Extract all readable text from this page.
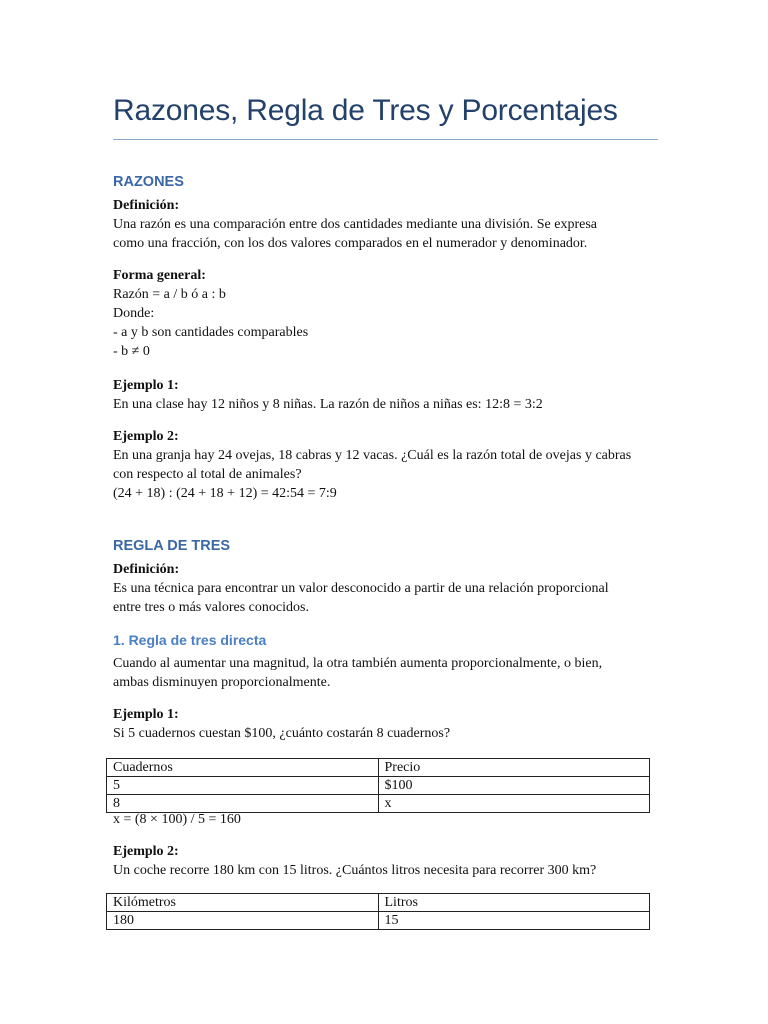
Razones, Regla de Tres y Porcentajes
RAZONES
Definición:
Una razón es una comparación entre dos cantidades mediante una división. Se expresa
como una fracción, con los dos valores comparados en el numerador y denominador.
Forma general:
Razón = a / b ó a : b
Donde:
- a y b son cantidades comparables
- b ≠ 0
Ejemplo 1:
En una clase hay 12 niños y 8 niñas. La razón de niños a niñas es: 12:8 = 3:2
Ejemplo 2:
En una granja hay 24 ovejas, 18 cabras y 12 vacas. ¿Cuál es la razón total de ovejas y cabras
con respecto al total de animales?
(24 + 18) : (24 + 18 + 12) = 42:54 = 7:9
REGLA DE TRES
Definición:
Es una técnica para encontrar un valor desconocido a partir de una relación proporcional
entre tres o más valores conocidos.
1. Regla de tres directa
Cuando al aumentar una magnitud, la otra también aumenta proporcionalmente, o bien,
ambas disminuyen proporcionalmente.
Ejemplo 1:
Si 5 cuadernos cuestan $100, ¿cuánto costarán 8 cuadernos?
Cuadernos	Precio
5	$100
8	x
x = (8 × 100) / 5 = 160
Ejemplo 2:
Un coche recorre 180 km con 15 litros. ¿Cuántos litros necesita para recorrer 300 km?
Kilómetros	Litros
180	15
